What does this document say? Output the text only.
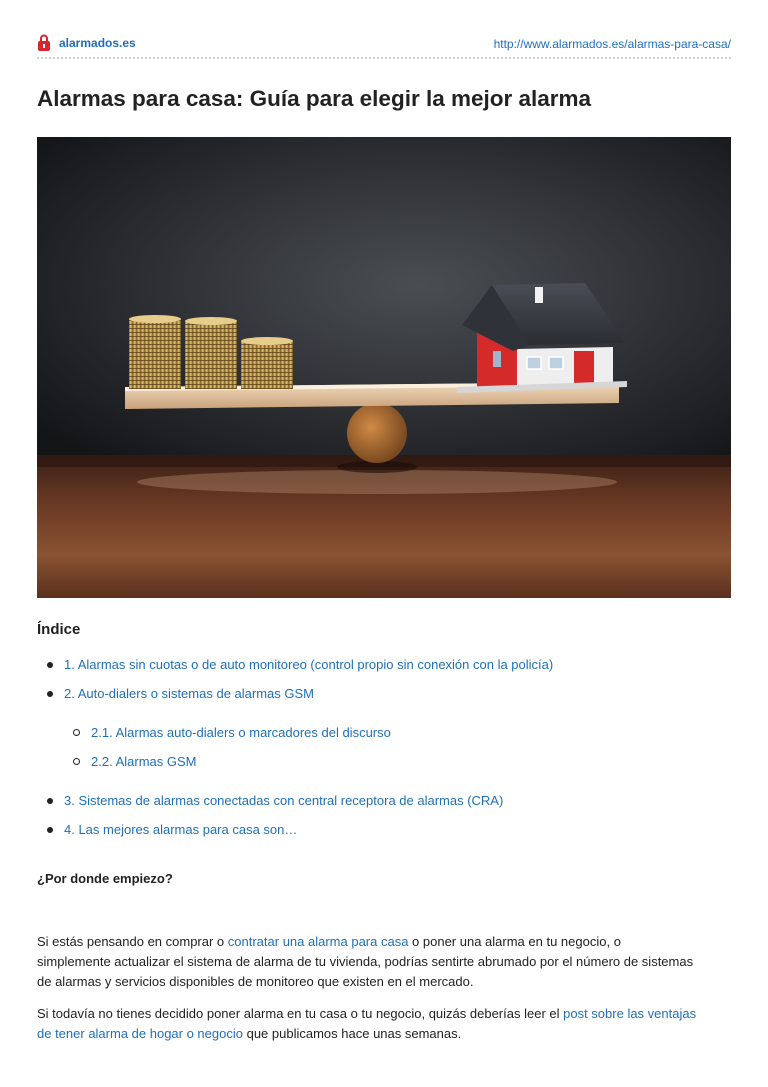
alarmados.es	http://www.alarmados.es/alarmas-para-casa/
Alarmas para casa: Guía para elegir la mejor alarma
Índice
1. Alarmas sin cuotas o de auto monitoreo (control propio sin conexión con la policía)
2. Auto-dialers o sistemas de alarmas GSM
2.1. Alarmas auto-dialers o marcadores del discurso
2.2. Alarmas GSM
3. Sistemas de alarmas conectadas con central receptora de alarmas (CRA)
4. Las mejores alarmas para casa son…
¿Por donde empiezo?

Si estás pensando en comprar o contratar una alarma para casa o poner una alarma en tu negocio, o simplemente actualizar el sistema de alarma de tu vivienda, podrías sentirte abrumado por el número de sistemas de alarmas y servicios disponibles de monitoreo que existen en el mercado.

Si todavía no tienes decidido poner alarma en tu casa o tu negocio, quizás deberías leer el post sobre las ventajas de tener alarma de hogar o negocio que publicamos hace unas semanas.
